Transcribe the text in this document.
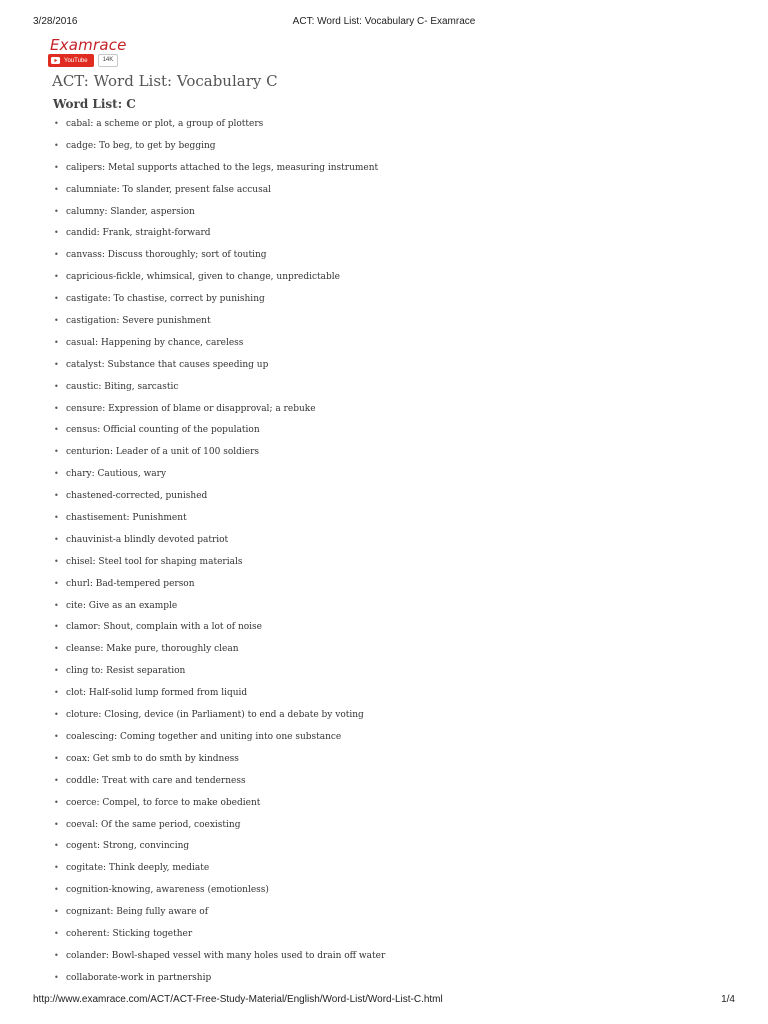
3/28/2016	ACT: Word List: Vocabulary C- Examrace
Examrace
YouTube	14K
ACT: Word List: Vocabulary C
Word List: C
• cabal: a scheme or plot, a group of plotters
• cadge: To beg, to get by begging
• calipers: Metal supports attached to the legs, measuring instrument
• calumniate: To slander, present false accusal
• calumny: Slander, aspersion
• candid: Frank, straight-forward
• canvass: Discuss thoroughly; sort of touting
• capricious-fickle, whimsical, given to change, unpredictable
• castigate: To chastise, correct by punishing
• castigation: Severe punishment
• casual: Happening by chance, careless
• catalyst: Substance that causes speeding up
• caustic: Biting, sarcastic
• censure: Expression of blame or disapproval; a rebuke
• census: Official counting of the population
• centurion: Leader of a unit of 100 soldiers
• chary: Cautious, wary
• chastened-corrected, punished
• chastisement: Punishment
• chauvinist-a blindly devoted patriot
• chisel: Steel tool for shaping materials
• churl: Bad-tempered person
• cite: Give as an example
• clamor: Shout, complain with a lot of noise
• cleanse: Make pure, thoroughly clean
• cling to: Resist separation
• clot: Half-solid lump formed from liquid
• cloture: Closing, device (in Parliament) to end a debate by voting
• coalescing: Coming together and uniting into one substance
• coax: Get smb to do smth by kindness
• coddle: Treat with care and tenderness
• coerce: Compel, to force to make obedient
• coeval: Of the same period, coexisting
• cogent: Strong, convincing
• cogitate: Think deeply, mediate
• cognition-knowing, awareness (emotionless)
• cognizant: Being fully aware of
• coherent: Sticking together
• colander: Bowl-shaped vessel with many holes used to drain off water
• collaborate-work in partnership
http://www.examrace.com/ACT/ACT-Free-Study-Material/English/Word-List/Word-List-C.html	1/4
